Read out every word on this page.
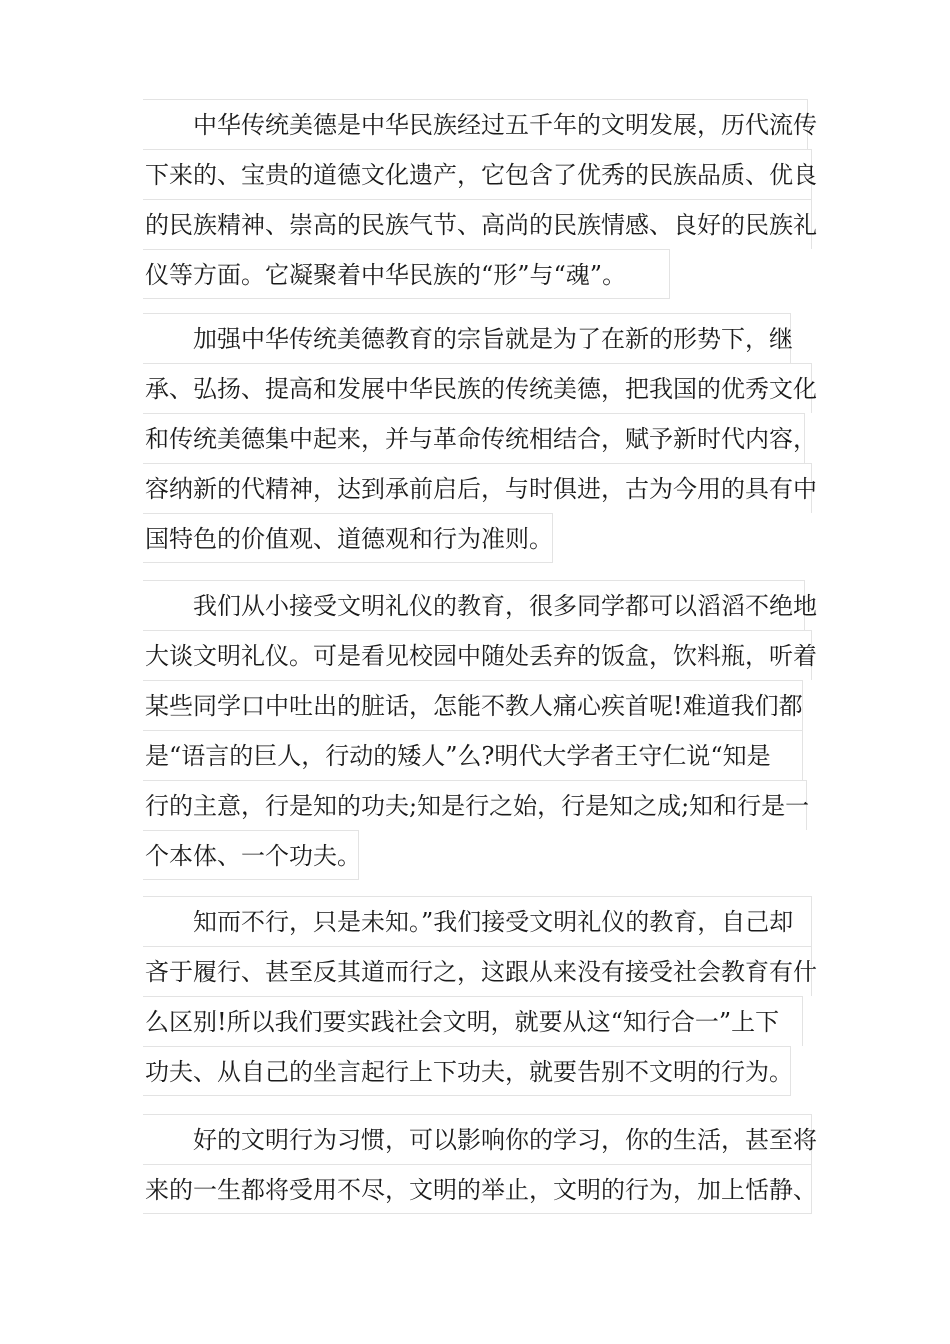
中华传统美德是中华民族经过五千年的文明发展，历代流传
下来的、宝贵的道德文化遗产，它包含了优秀的民族品质、优良
的民族精神、崇高的民族气节、高尚的民族情感、良好的民族礼
仪等方面。它凝聚着中华民族的“形”与“魂”。
加强中华传统美德教育的宗旨就是为了在新的形势下，继
承、弘扬、提高和发展中华民族的传统美德，把我国的优秀文化
和传统美德集中起来，并与革命传统相结合，赋予新时代内容，
容纳新的代精神，达到承前启后，与时俱进，古为今用的具有中
国特色的价值观、道德观和行为准则。
我们从小接受文明礼仪的教育，很多同学都可以滔滔不绝地
大谈文明礼仪。可是看见校园中随处丢弃的饭盒，饮料瓶，听着
某些同学口中吐出的脏话，怎能不教人痛心疾首呢!难道我们都
是“语言的巨人，行动的矮人”么?明代大学者王守仁说“知是
行的主意，行是知的功夫;知是行之始，行是知之成;知和行是一
个本体、一个功夫。
知而不行，只是未知。”我们接受文明礼仪的教育，自己却
吝于履行、甚至反其道而行之，这跟从来没有接受社会教育有什
么区别!所以我们要实践社会文明，就要从这“知行合一”上下
功夫、从自己的坐言起行上下功夫，就要告别不文明的行为。
好的文明行为习惯，可以影响你的学习，你的生活，甚至将
来的一生都将受用不尽，文明的举止，文明的行为，加上恬静、
